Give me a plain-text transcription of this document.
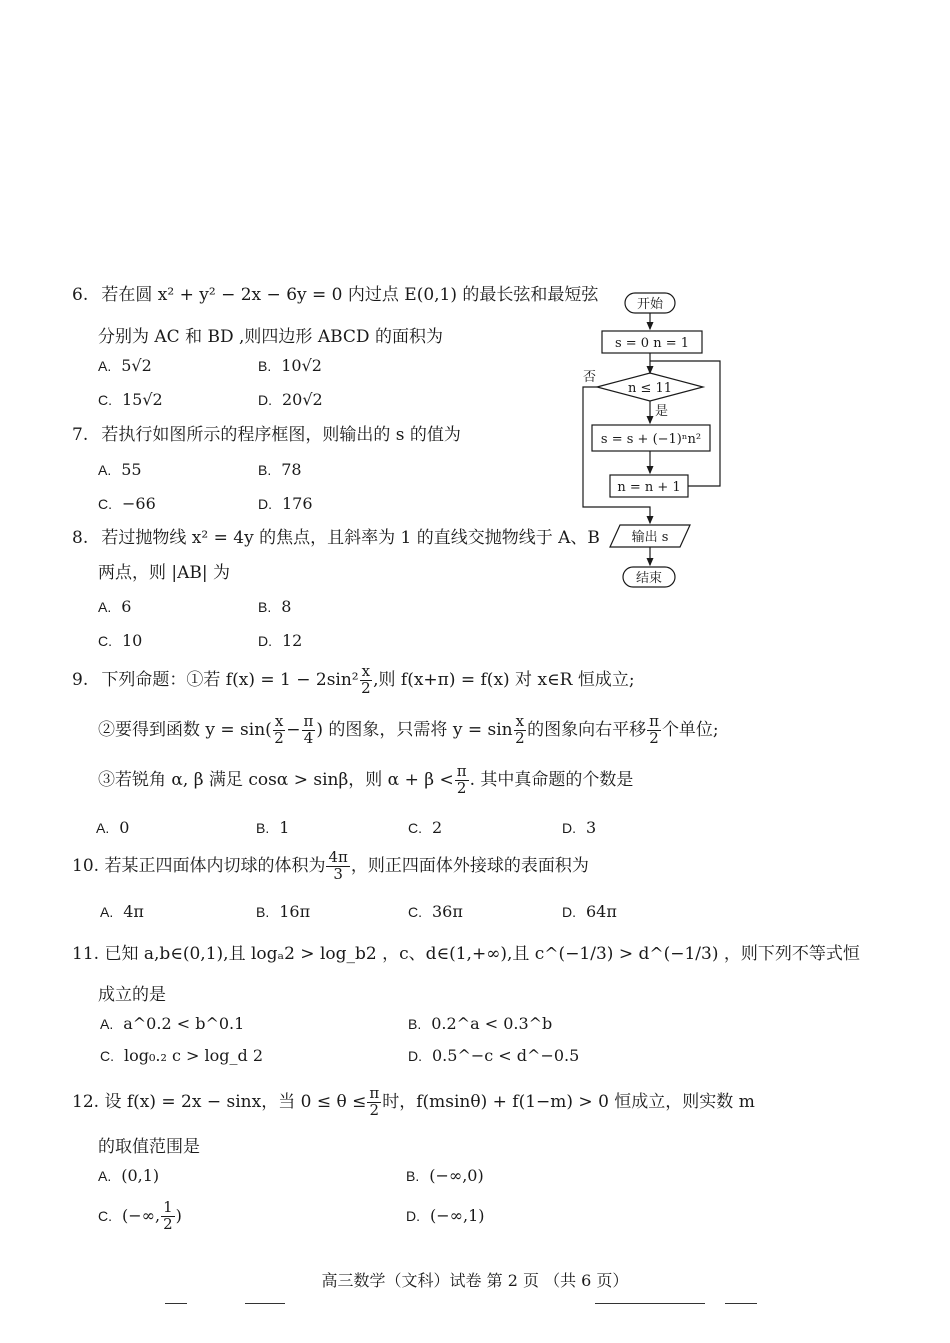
6. 若在圆 x² + y² − 2x − 6y = 0 内过点 E(0,1) 的最长弦和最短弦
分别为 AC 和 BD ,则四边形 ABCD 的面积为
A. 5√2	B. 10√2
C. 15√2	D. 20√2
7. 若执行如图所示的程序框图，则输出的 s 的值为
A. 55	B. 78
C. −66	D. 176
8. 若过抛物线 x² = 4y 的焦点，且斜率为 1 的直线交抛物线于 A、B
两点，则 |AB| 为
A. 6	B. 8
C. 10	D. 12
开始
s = 0 n = 1
n ≤ 11
否
是
s = s + (−1)ⁿn²
n = n + 1
输出 s
结束
9. 下列命题：①若 $f(x) = 1 - 2\sin^2 \frac{x}{2}$ ,则 f(x+π) = f(x) 对 x∈R 恒成立;
②要得到函数 $y = \sin( \frac{x}{2} - \frac{\pi}{4}$ ) 的图象，只需将 $y = \sin \frac{x}{2}$ 的图象向右平移 $\frac{\pi}{2}$ 个单位;
③若锐角 α, β 满足 cosα > sinβ，则 $\alpha + \beta < \frac{\pi}{2}$ . 其中真命题的个数是
A. 0	B. 1	C. 2	D. 3
10. 若某正四面体内切球的体积为 $\frac{4\pi}{3}$ ，则正四面体外接球的表面积为
A. 4π	B. 16π	C. 36π	D. 64π
11. 已知 a,b∈(0,1),且 logₐ2 > log_b2 ，c、d∈(1,+∞),且 c^(−1/3) > d^(−1/3) ，则下列不等式恒
成立的是
A. a^0.2 < b^0.1	B. 0.2^a < 0.3^b
C. log₀.₂ c > log_d 2	D. 0.5^−c < d^−0.5
12. 设 f(x) = 2x − sinx，当 $0 \le \theta \le \frac{\pi}{2}$ 时，f(msinθ) + f(1−m) > 0 恒成立，则实数 m
的取值范围是
A. (0,1)	B. (−∞,0)
C. (−∞, $\frac{1}{2}$ )	D. (−∞,1)
高三数学（文科）试卷 第 2 页 （共 6 页）
